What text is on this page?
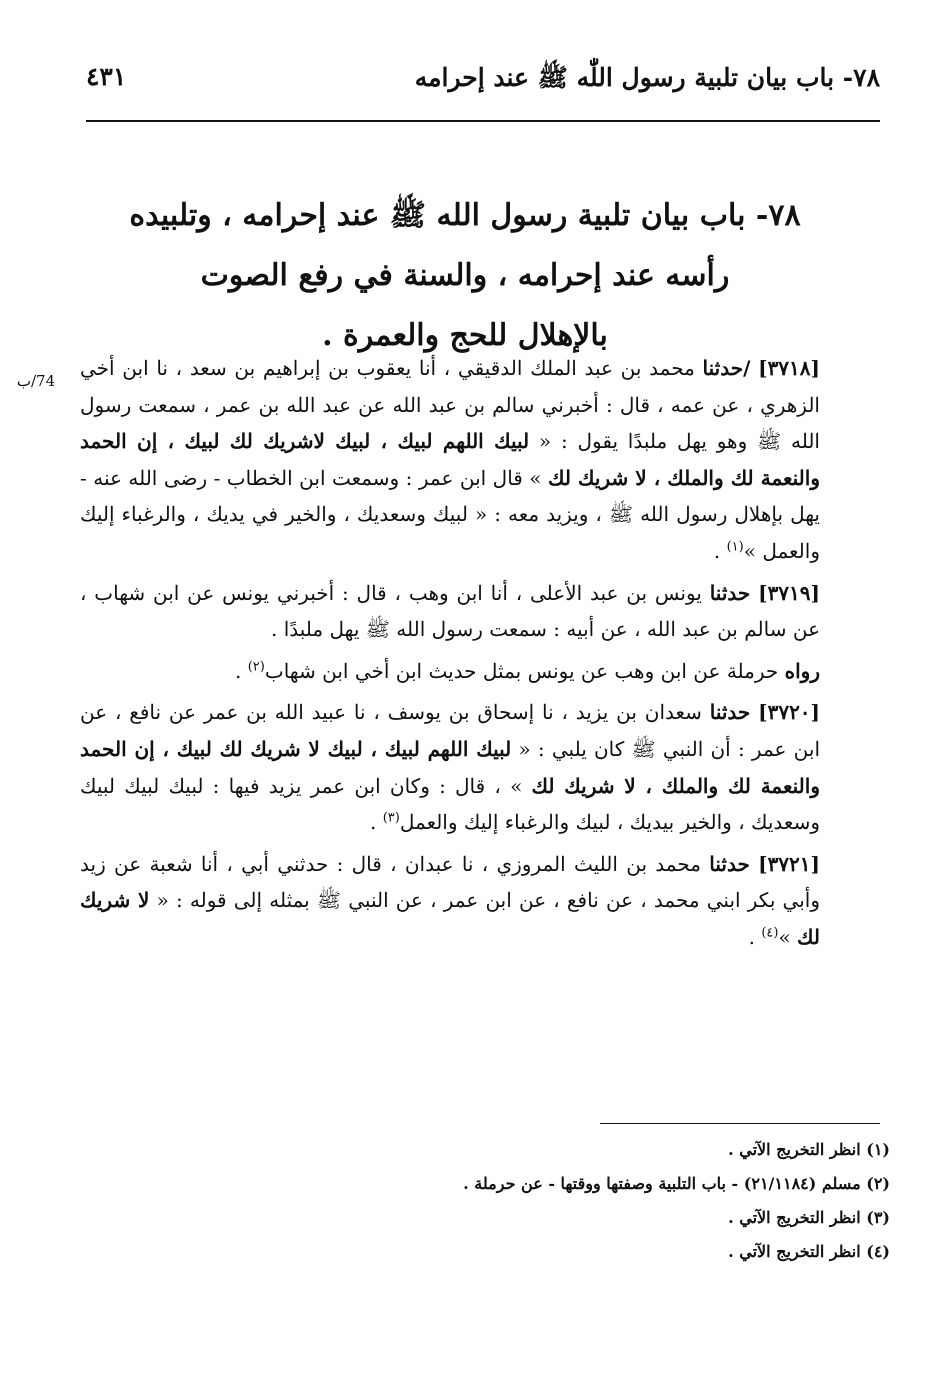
٧٨- باب بيان تلبية رسول اللّٰه ﷺ عند إحرامه
٤٣١
٧٨- باب بيان تلبية رسول الله ﷺ عند إحرامه ، وتلبيده
رأسه عند إحرامه ، والسنة في رفع الصوت
بالإهلال للحج والعمرة .
74/ب

[٣٧١٨] /حدثنا محمد بن عبد الملك الدقيقي ، أنا يعقوب بن إبراهيم بن سعد ، نا ابن أخي الزهري ، عن عمه ، قال : أخبرني سالم بن عبد الله عن عبد الله بن عمر ، سمعت رسول الله ﷺ وهو يهل ملبدًا يقول : « لبيك اللهم لبيك ، لبيك لاشريك لك لبيك ، إن الحمد والنعمة لك والملك ، لا شريك لك » قال ابن عمر : وسمعت ابن الخطاب - رضى الله عنه - يهل بإهلال رسول الله ﷺ ، ويزيد معه : « لبيك وسعديك ، والخير في يديك ، والرغباء إليك والعمل »$^{(١)}$ .

[٣٧١٩] حدثنا يونس بن عبد الأعلى ، أنا ابن وهب ، قال : أخبرني يونس عن ابن شهاب ، عن سالم بن عبد الله ، عن أبيه : سمعت رسول الله ﷺ يهل ملبدًا .

رواه حرملة عن ابن وهب عن يونس بمثل حديث ابن أخي ابن شهاب$^{(٢)}$ .

[٣٧٢٠] حدثنا سعدان بن يزيد ، نا إسحاق بن يوسف ، نا عبيد الله بن عمر عن نافع ، عن ابن عمر : أن النبي ﷺ كان يلبي : « لبيك اللهم لبيك ، لبيك لا شريك لك لبيك ، إن الحمد والنعمة لك والملك ، لا شريك لك » ، قال : وكان ابن عمر يزيد فيها : لبيك لبيك لبيك وسعديك ، والخير بيديك ، لبيك والرغباء إليك والعمل$^{(٣)}$ .

[٣٧٢١] حدثنا محمد بن الليث المروزي ، نا عبدان ، قال : حدثني أبي ، أنا شعبة عن زيد وأبي بكر ابني محمد ، عن نافع ، عن ابن عمر ، عن النبي ﷺ بمثله إلى قوله : « لا شريك لك »$^{(٤)}$ .

(١) انظر التخريج الآتي .
(٢) مسلم (٢١/١١٨٤) - باب التلبية وصفتها ووقتها - عن حرملة .
(٣) انظر التخريج الآتي .
(٤) انظر التخريج الآتي .
